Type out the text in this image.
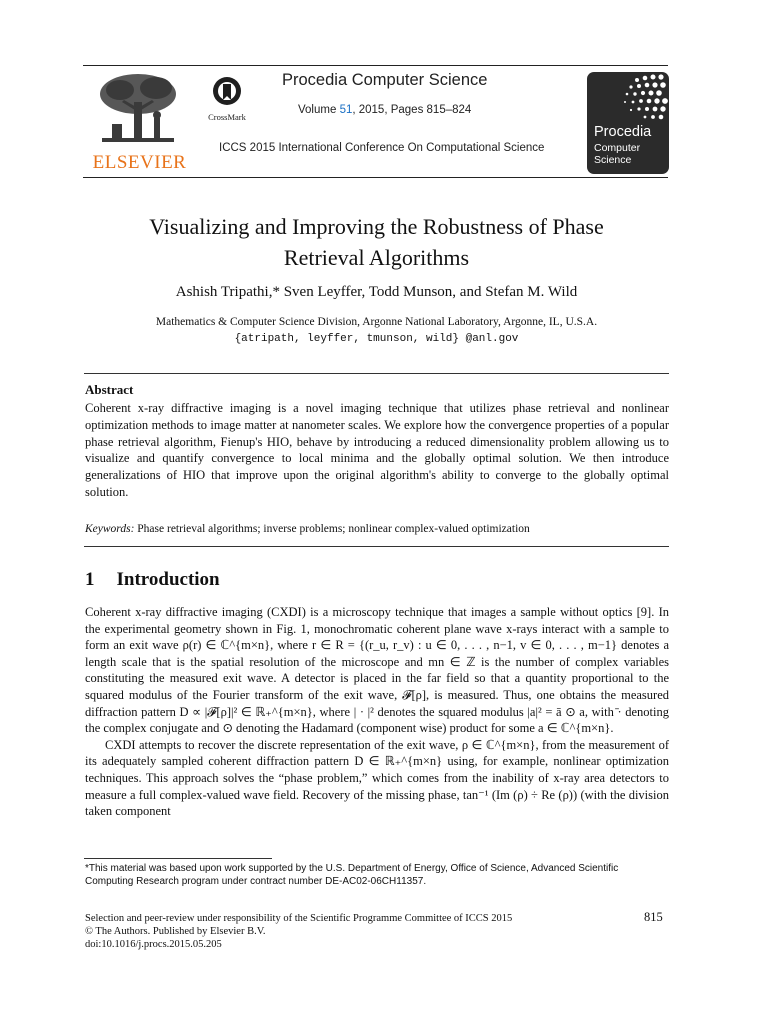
ELSEVIER
CrossMark
Procedia Computer Science
Volume 51, 2015, Pages 815–824
ICCS 2015 International Conference On Computational Science
Procedia
Computer
Science
Visualizing and Improving the Robustness of Phase
Retrieval Algorithms
Ashish Tripathi,* Sven Leyffer, Todd Munson, and Stefan M. Wild
Mathematics & Computer Science Division, Argonne National Laboratory, Argonne, IL, U.S.A.
{atripath, leyffer, tmunson, wild} @anl.gov
Abstract
Coherent x-ray diffractive imaging is a novel imaging technique that utilizes phase retrieval and nonlinear optimization methods to image matter at nanometer scales. We explore how the convergence properties of a popular phase retrieval algorithm, Fienup's HIO, behave by introducing a reduced dimensionality problem allowing us to visualize and quantify convergence to local minima and the globally optimal solution. We then introduce generalizations of HIO that improve upon the original algorithm's ability to converge to the globally optimal solution.
Keywords: Phase retrieval algorithms; inverse problems; nonlinear complex-valued optimization
1 Introduction

Coherent x-ray diffractive imaging (CXDI) is a microscopy technique that images a sample without optics [9]. In the experimental geometry shown in Fig. 1, monochromatic coherent plane wave x-rays interact with a sample to form an exit wave ρ(r) ∈ ℂ^{m×n}, where r ∈ R = {(r_u, r_v) : u ∈ 0, . . . , n−1, v ∈ 0, . . . , m−1} denotes a length scale that is the spatial resolution of the microscope and mn ∈ ℤ is the number of complex variables constituting the measured exit wave. A detector is placed in the far field so that a quantity proportional to the squared modulus of the Fourier transform of the exit wave, 𝓕[ρ], is measured. Thus, one obtains the measured diffraction pattern D ∝ |𝓕[ρ]|² ∈ ℝ₊^{m×n}, where | · |² denotes the squared modulus |a|² = ā ⊙ a, with ̄· denoting the complex conjugate and ⊙ denoting the Hadamard (component wise) product for some a ∈ ℂ^{m×n}.

CXDI attempts to recover the discrete representation of the exit wave, ρ ∈ ℂ^{m×n}, from the measurement of its adequately sampled coherent diffraction pattern D ∈ ℝ₊^{m×n} using, for example, nonlinear optimization techniques. This approach solves the “phase problem,” which comes from the inability of x-ray area detectors to measure a full complex-valued wave field. Recovery of the missing phase, tan⁻¹ (Im (ρ) ÷ Re (ρ)) (with the division taken component

*This material was based upon work supported by the U.S. Department of Energy, Office of Science, Advanced Scientific Computing Research program under contract number DE-AC02-06CH11357.
Selection and peer-review under responsibility of the Scientific Programme Committee of ICCS 2015
© The Authors. Published by Elsevier B.V.
doi:10.1016/j.procs.2015.05.205
815
